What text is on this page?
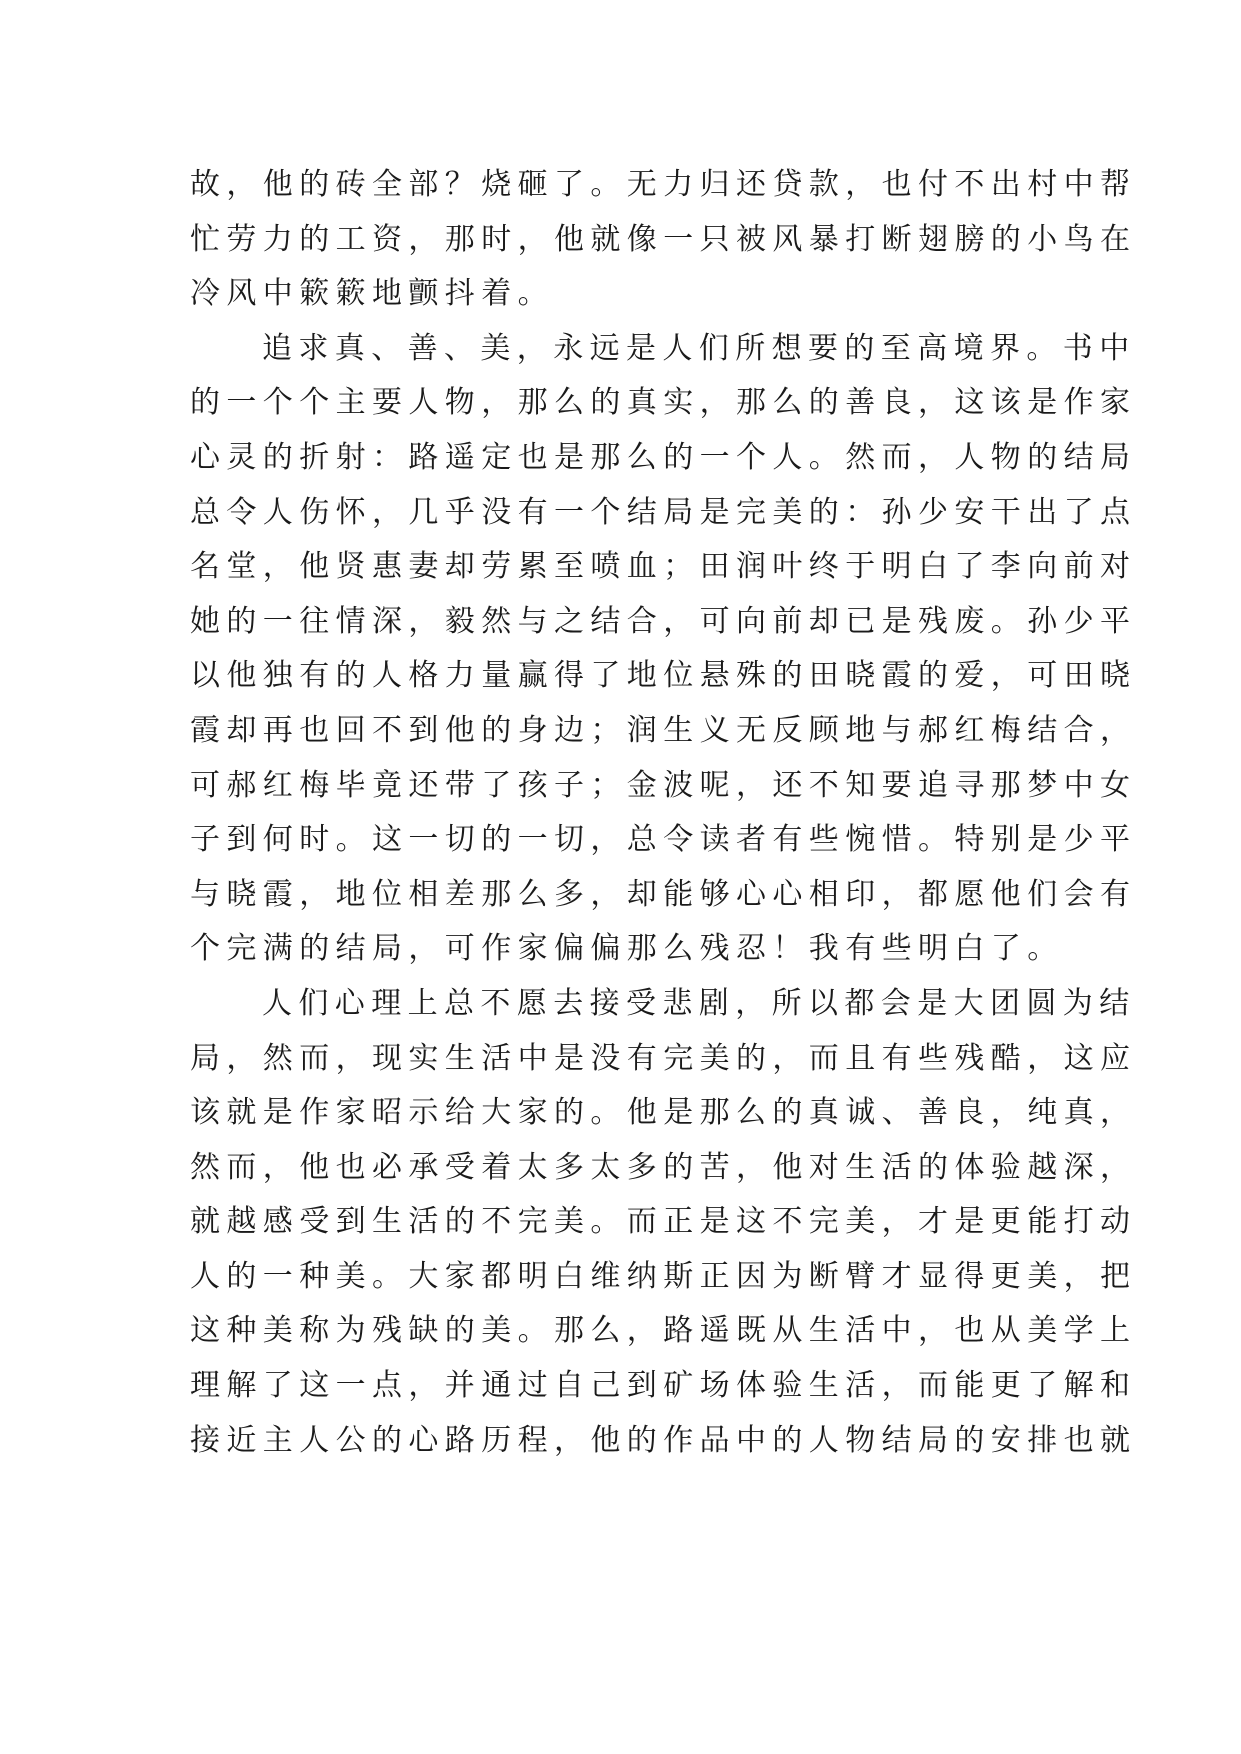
故，他的砖全部？烧砸了。无力归还贷款，也付不出村中帮
忙劳力的工资，那时，他就像一只被风暴打断翅膀的小鸟在
冷风中簌簌地颤抖着。

追求真、善、美，永远是人们所想要的至高境界。书中
的一个个主要人物，那么的真实，那么的善良，这该是作家
心灵的折射：路遥定也是那么的一个人。然而，人物的结局
总令人伤怀，几乎没有一个结局是完美的：孙少安干出了点
名堂，他贤惠妻却劳累至喷血；田润叶终于明白了李向前对
她的一往情深，毅然与之结合，可向前却已是残废。孙少平
以他独有的人格力量赢得了地位悬殊的田晓霞的爱，可田晓
霞却再也回不到他的身边；润生义无反顾地与郝红梅结合，
可郝红梅毕竟还带了孩子；金波呢，还不知要追寻那梦中女
子到何时。这一切的一切，总令读者有些惋惜。特别是少平
与晓霞，地位相差那么多，却能够心心相印，都愿他们会有
个完满的结局，可作家偏偏那么残忍！我有些明白了。

人们心理上总不愿去接受悲剧，所以都会是大团圆为结
局，然而，现实生活中是没有完美的，而且有些残酷，这应
该就是作家昭示给大家的。他是那么的真诚、善良，纯真，
然而，他也必承受着太多太多的苦，他对生活的体验越深，
就越感受到生活的不完美。而正是这不完美，才是更能打动
人的一种美。大家都明白维纳斯正因为断臂才显得更美，把
这种美称为残缺的美。那么，路遥既从生活中，也从美学上
理解了这一点，并通过自己到矿场体验生活，而能更了解和
接近主人公的心路历程，他的作品中的人物结局的安排也就
